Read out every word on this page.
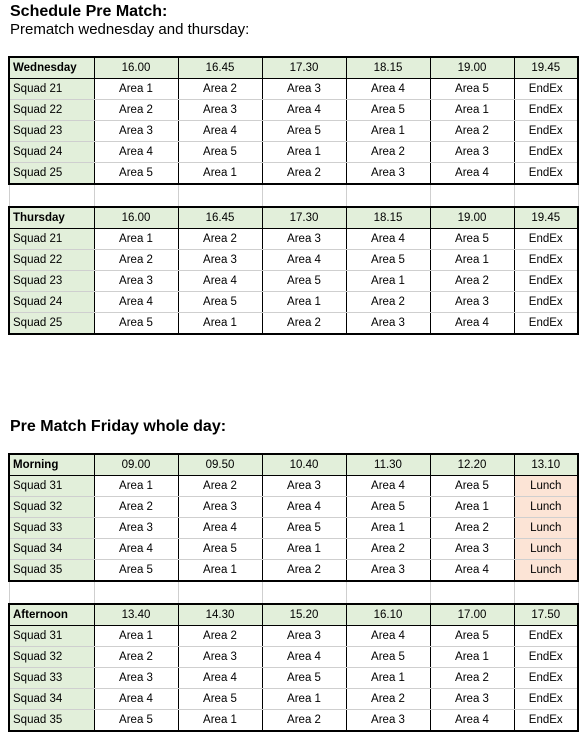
Schedule Pre Match:
Prematch wednesday and thursday:
Wednesday	16.00	16.45	17.30	18.15	19.00	19.45
Squad 21	Area 1	Area 2	Area 3	Area 4	Area 5	EndEx
Squad 22	Area 2	Area 3	Area 4	Area 5	Area 1	EndEx
Squad 23	Area 3	Area 4	Area 5	Area 1	Area 2	EndEx
Squad 24	Area 4	Area 5	Area 1	Area 2	Area 3	EndEx
Squad 25	Area 5	Area 1	Area 2	Area 3	Area 4	EndEx

Thursday	16.00	16.45	17.30	18.15	19.00	19.45
Squad 21	Area 1	Area 2	Area 3	Area 4	Area 5	EndEx
Squad 22	Area 2	Area 3	Area 4	Area 5	Area 1	EndEx
Squad 23	Area 3	Area 4	Area 5	Area 1	Area 2	EndEx
Squad 24	Area 4	Area 5	Area 1	Area 2	Area 3	EndEx
Squad 25	Area 5	Area 1	Area 2	Area 3	Area 4	EndEx
Pre Match Friday whole day:
Morning	09.00	09.50	10.40	11.30	12.20	13.10
Squad 31	Area 1	Area 2	Area 3	Area 4	Area 5	Lunch
Squad 32	Area 2	Area 3	Area 4	Area 5	Area 1	Lunch
Squad 33	Area 3	Area 4	Area 5	Area 1	Area 2	Lunch
Squad 34	Area 4	Area 5	Area 1	Area 2	Area 3	Lunch
Squad 35	Area 5	Area 1	Area 2	Area 3	Area 4	Lunch

Afternoon	13.40	14.30	15.20	16.10	17.00	17.50
Squad 31	Area 1	Area 2	Area 3	Area 4	Area 5	EndEx
Squad 32	Area 2	Area 3	Area 4	Area 5	Area 1	EndEx
Squad 33	Area 3	Area 4	Area 5	Area 1	Area 2	EndEx
Squad 34	Area 4	Area 5	Area 1	Area 2	Area 3	EndEx
Squad 35	Area 5	Area 1	Area 2	Area 3	Area 4	EndEx
